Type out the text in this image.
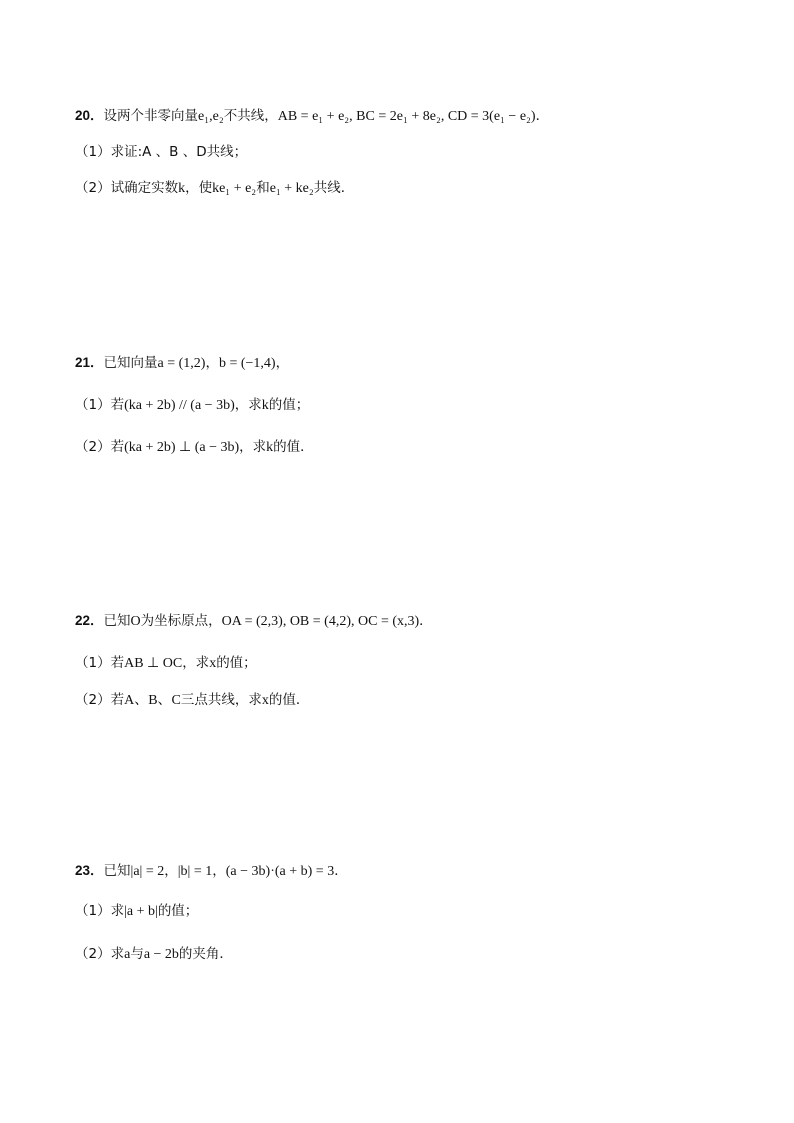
20．设两个非零向量e₁,e₂不共线，AB = e₁ + e₂, BC = 2e₁ + 8e₂, CD = 3(e₁ − e₂)．
（1）求证:A 、B 、D共线；
（2）试确定实数k，使ke₁ + e₂和e₁ + ke₂共线．
21．已知向量a = (1,2)，b = (−1,4)，
（1）若(ka + 2b) // (a − 3b)，求k的值；
（2）若(ka + 2b) ⊥ (a − 3b)，求k的值．
22．已知O为坐标原点，OA = (2,3), OB = (4,2), OC = (x,3)．
（1）若AB ⊥ OC，求x的值；
（2）若A、B、C三点共线，求x的值．
23．已知|a| = 2，|b| = 1，(a − 3b)·(a + b) = 3．
（1）求|a + b|的值；
（2）求a与a − 2b的夹角．
